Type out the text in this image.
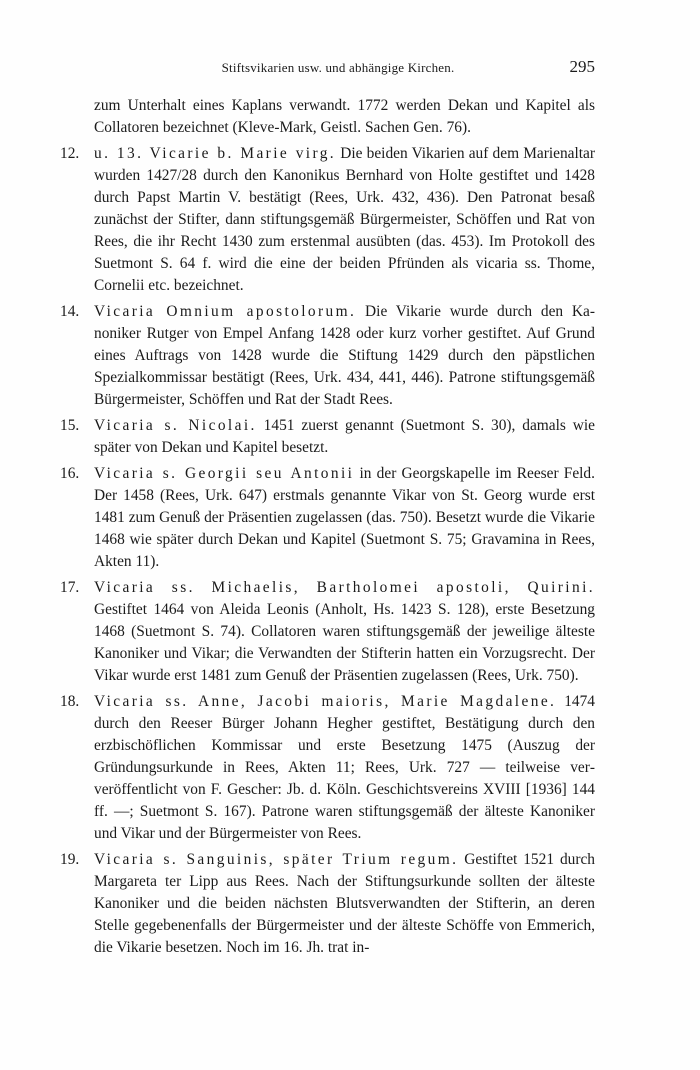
Stiftsvikarien usw. und abhängige Kirchen.	295

zum Unterhalt eines Kaplans verwandt. 1772 werden Dekan und Kapitel als Collatoren bezeichnet (Kleve-Mark, Geistl. Sachen Gen. 76).

12. u. 13. Vicarie b. Marie virg. Die beiden Vikarien auf dem Marienaltar wurden 1427/28 durch den Kanonikus Bernhard von Holte gestiftet und 1428 durch Papst Martin V. bestätigt (Rees, Urk. 432, 436). Den Patronat besaß zunächst der Stifter, dann stiftungsgemäß Bürgermeister, Schöffen und Rat von Rees, die ihr Recht 1430 zum erstenmal ausübten (das. 453). Im Protokoll des Suetmont S. 64 f. wird die eine der beiden Pfründen als vicaria ss. Thome, Cornelii etc. bezeichnet.

14. Vicaria Omnium apostolorum. Die Vikarie wurde durch den Kanoniker Rutger von Empel Anfang 1428 oder kurz vorher gestiftet. Auf Grund eines Auftrags von 1428 wurde die Stiftung 1429 durch den päpstlichen Spezialkommissar bestätigt (Rees, Urk. 434, 441, 446). Patrone stiftungsgemäß Bürgermeister, Schöffen und Rat der Stadt Rees.

15. Vicaria s. Nicolai. 1451 zuerst genannt (Suetmont S. 30), damals wie später von Dekan und Kapitel besetzt.

16. Vicaria s. Georgii seu Antonii in der Georgskapelle im Reeser Feld. Der 1458 (Rees, Urk. 647) erstmals genannte Vikar von St. Georg wurde erst 1481 zum Genuß der Präsentien zugelassen (das. 750). Besetzt wurde die Vikarie 1468 wie später durch Dekan und Kapitel (Suetmont S. 75; Gravamina in Rees, Akten 11).

17. Vicaria ss. Michaelis, Bartholomei apostoli, Quirini. Gestiftet 1464 von Aleida Leonis (Anholt, Hs. 1423 S. 128), erste Besetzung 1468 (Suetmont S. 74). Collatoren waren stiftungsgemäß der jeweilige älteste Kanoniker und Vikar; die Verwandten der Stifterin hatten ein Vorzugsrecht. Der Vikar wurde erst 1481 zum Genuß der Präsentien zugelassen (Rees, Urk. 750).

18. Vicaria ss. Anne, Jacobi maioris, Marie Magdalene. 1474 durch den Reeser Bürger Johann Hegher gestiftet, Bestätigung durch den erzbischöflichen Kommissar und erste Besetzung 1475 (Auszug der Gründungsurkunde in Rees, Akten 11; Rees, Urk. 727 — teilweise ververöffentlicht von F. Gescher: Jb. d. Köln. Geschichtsvereins XVIII [1936] 144 ff. —; Suetmont S. 167). Patrone waren stiftungsgemäß der älteste Kanoniker und Vikar und der Bürgermeister von Rees.

19. Vicaria s. Sanguinis, später Trium regum. Gestiftet 1521 durch Margareta ter Lipp aus Rees. Nach der Stiftungsurkunde sollten der älteste Kanoniker und die beiden nächsten Blutsverwandten der Stifterin, an deren Stelle gegebenenfalls der Bürgermeister und der älteste Schöffe von Emmerich, die Vikarie besetzen. Noch im 16. Jh. trat in-
